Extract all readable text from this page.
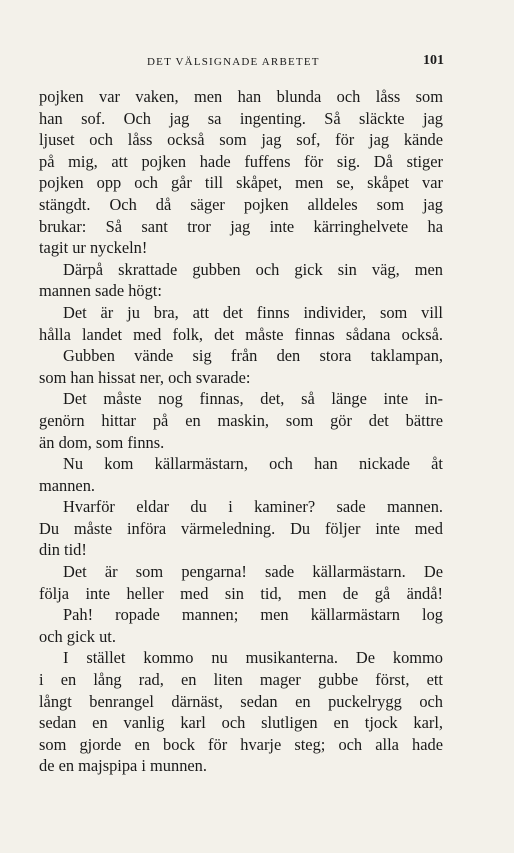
DET VÄLSIGNADE ARBETET	101
pojken var vaken, men han blunda och låss som
han sof. Och jag sa ingenting. Så släckte jag
ljuset och låss också som jag sof, för jag kände
på mig, att pojken hade fuffens för sig. Då stiger
pojken opp och går till skåpet, men se, skåpet var
stängdt. Och då säger pojken alldeles som jag
brukar: Så sant tror jag inte kärringhelvete ha
tagit ur nyckeln!
Därpå skrattade gubben och gick sin väg, men
mannen sade högt:
Det är ju bra, att det finns individer, som vill
hålla landet med folk, det måste finnas sådana också.
Gubben vände sig från den stora taklampan,
som han hissat ner, och svarade:
Det måste nog finnas, det, så länge inte in-
genörn hittar på en maskin, som gör det bättre
än dom, som finns.
Nu kom källarmästarn, och han nickade åt
mannen.
Hvarför eldar du i kaminer? sade mannen.
Du måste införa värmeledning. Du följer inte med
din tid!
Det är som pengarna! sade källarmästarn. De
följa inte heller med sin tid, men de gå ändå!
Pah! ropade mannen; men källarmästarn log
och gick ut.
I stället kommo nu musikanterna. De kommo
i en lång rad, en liten mager gubbe först, ett
långt benrangel därnäst, sedan en puckelrygg och
sedan en vanlig karl och slutligen en tjock karl,
som gjorde en bock för hvarje steg; och alla hade
de en majspipa i munnen.
